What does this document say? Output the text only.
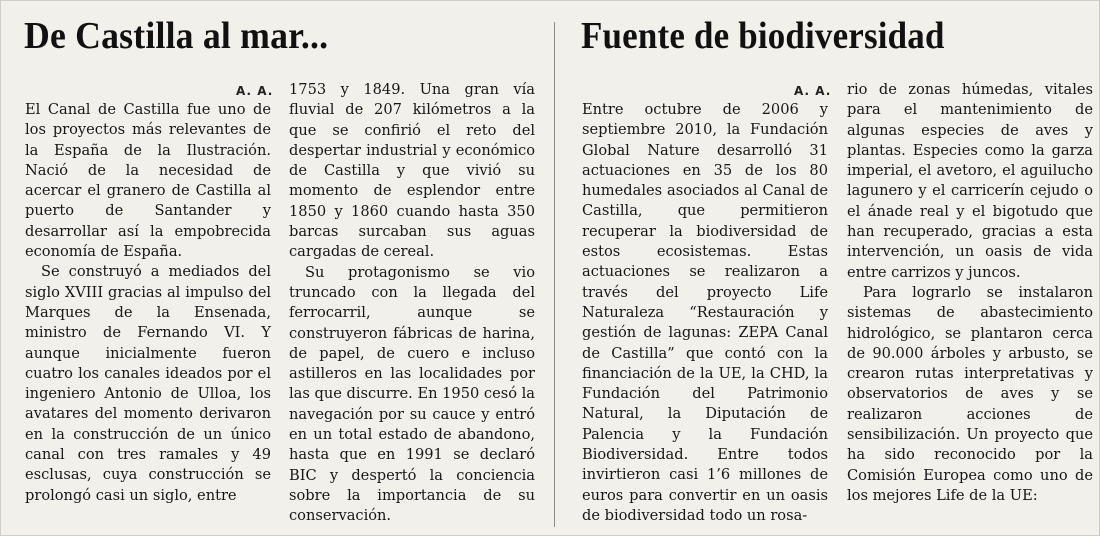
De Castilla al mar...	Fuente de biodiversidad
A. A.	A. A.

El Canal de Castilla fue uno de los proyectos más relevantes de la España de la Ilustración. Nació de la necesidad de acercar el granero de Castilla al puerto de Santander y desarrollar así la empobrecida economía de España.

Se construyó a mediados del siglo XVIII gracias al impulso del Marques de la Ensenada, ministro de Fernando VI. Y aunque inicialmente fueron cuatro los canales ideados por el ingeniero Antonio de Ulloa, los avatares del momento derivaron en la construcción de un único canal con tres ramales y 49 esclusas, cuya construcción se prolongó casi un siglo, entre

1753 y 1849. Una gran vía fluvial de 207 kilómetros a la que se confirió el reto del despertar industrial y económico de Castilla y que vivió su momento de esplendor entre 1850 y 1860 cuando hasta 350 barcas surcaban sus aguas cargadas de cereal.

Su protagonismo se vio truncado con la llegada del ferrocarril, aunque se construyeron fábricas de harina, de papel, de cuero e incluso astilleros en las localidades por las que discurre. En 1950 cesó la navegación por su cauce y entró en un total estado de abandono, hasta que en 1991 se declaró BIC y despertó la conciencia sobre la importancia de su conservación.

Entre octubre de 2006 y septiembre 2010, la Fundación Global Nature desarrolló 31 actuaciones en 35 de los 80 humedales asociados al Canal de Castilla, que permitieron recuperar la biodiversidad de estos ecosistemas. Estas actuaciones se realizaron a través del proyecto Life Naturaleza “Restauración y gestión de lagunas: ZEPA Canal de Castilla” que contó con la financiación de la UE, la CHD, la Fundación del Patrimonio Natural, la Diputación de Palencia y la Fundación Biodiversidad. Entre todos invirtieron casi 1’6 millones de euros para convertir en un oasis de biodiversidad todo un rosa-

rio de zonas húmedas, vitales para el mantenimiento de algunas especies de aves y plantas. Especies como la garza imperial, el avetoro, el aguilucho lagunero y el carricerín cejudo o el ánade real y el bigotudo que han recuperado, gracias a esta intervención, un oasis de vida entre carrizos y juncos.

Para lograrlo se instalaron sistemas de abastecimiento hidrológico, se plantaron cerca de 90.000 árboles y arbusto, se crearon rutas interpretativas y observatorios de aves y se realizaron acciones de sensibilización. Un proyecto que ha sido reconocido por la Comisión Europea como uno de los mejores Life de la UE:
